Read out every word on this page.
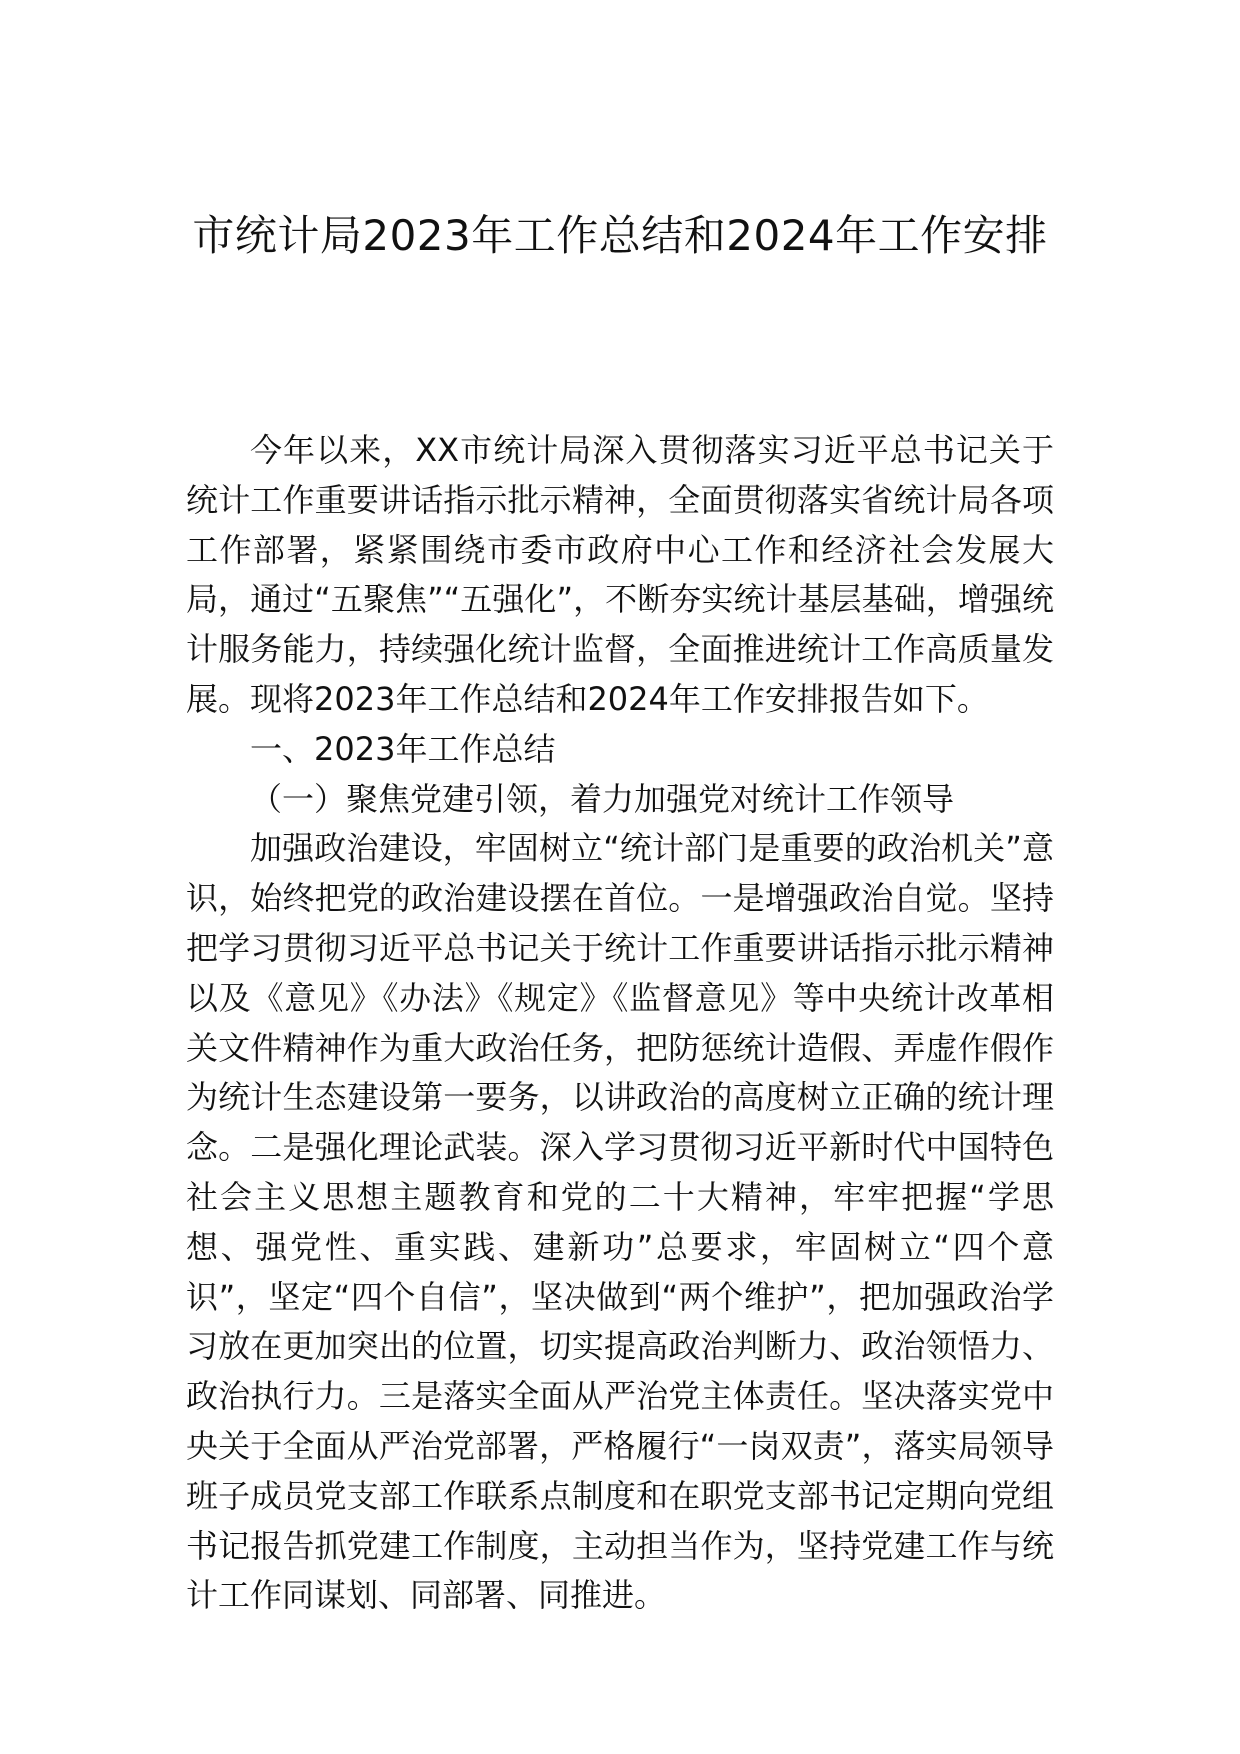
市统计局2023年工作总结和2024年工作安排

今年以来，XX市统计局深入贯彻落实习近平总书记关于统计工作重要讲话指示批示精神，全面贯彻落实省统计局各项工作部署，紧紧围绕市委市政府中心工作和经济社会发展大局，通过“五聚焦”“五强化”，不断夯实统计基层基础，增强统计服务能力，持续强化统计监督，全面推进统计工作高质量发展。现将2023年工作总结和2024年工作安排报告如下。

一、2023年工作总结

（一）聚焦党建引领，着力加强党对统计工作领导

加强政治建设，牢固树立“统计部门是重要的政治机关”意识，始终把党的政治建设摆在首位。一是增强政治自觉。坚持把学习贯彻习近平总书记关于统计工作重要讲话指示批示精神以及《意见》《办法》《规定》《监督意见》等中央统计改革相关文件精神作为重大政治任务，把防惩统计造假、弄虚作假作为统计生态建设第一要务，以讲政治的高度树立正确的统计理念。二是强化理论武装。深入学习贯彻习近平新时代中国特色社会主义思想主题教育和党的二十大精神，牢牢把握“学思想、强党性、重实践、建新功”总要求，牢固树立“四个意识”，坚定“四个自信”，坚决做到“两个维护”，把加强政治学习放在更加突出的位置，切实提高政治判断力、政治领悟力、政治执行力。三是落实全面从严治党主体责任。坚决落实党中央关于全面从严治党部署，严格履行“一岗双责”，落实局领导班子成员党支部工作联系点制度和在职党支部书记定期向党组书记报告抓党建工作制度，主动担当作为，坚持党建工作与统计工作同谋划、同部署、同推进。
